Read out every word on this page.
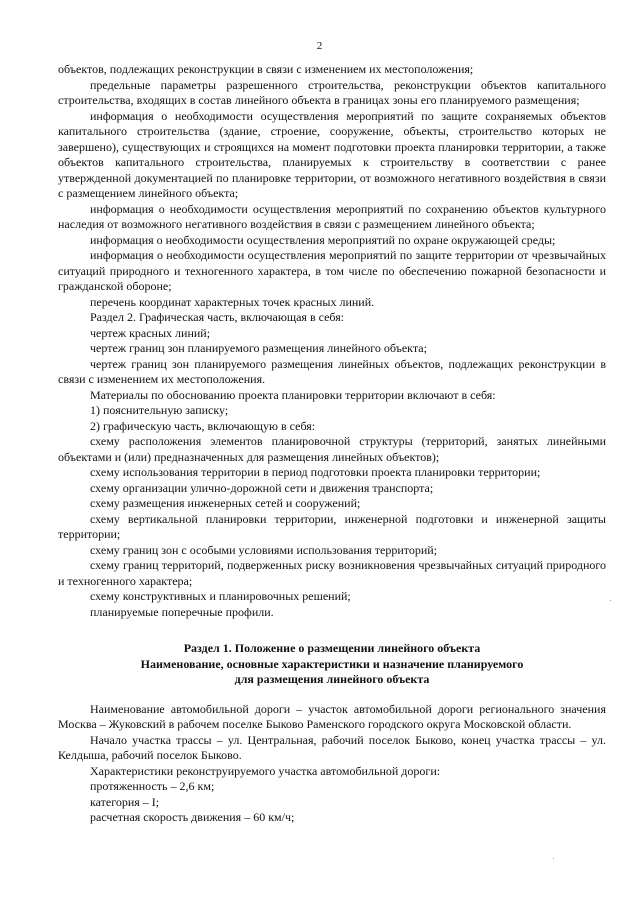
2

объектов, подлежащих реконструкции в связи с изменением их местоположения;

предельные параметры разрешенного строительства, реконструкции объектов капитального строительства, входящих в состав линейного объекта в границах зоны его планируемого размещения;

информация о необходимости осуществления мероприятий по защите сохраняемых объектов капитального строительства (здание, строение, сооружение, объекты, строительство которых не завершено), существующих и строящихся на момент подготовки проекта планировки территории, а также объектов капитального строительства, планируемых к строительству в соответствии с ранее утвержденной документацией по планировке территории, от возможного негативного воздействия в связи с размещением линейного объекта;

информация о необходимости осуществления мероприятий по сохранению объектов культурного наследия от возможного негативного воздействия в связи с размещением линейного объекта;

информация о необходимости осуществления мероприятий по охране окружающей среды;

информация о необходимости осуществления мероприятий по защите территории от чрезвычайных ситуаций природного и техногенного характера, в том числе по обеспечению пожарной безопасности и гражданской обороне;

перечень координат характерных точек красных линий.

Раздел 2. Графическая часть, включающая в себя:

чертеж красных линий;

чертеж границ зон планируемого размещения линейного объекта;

чертеж границ зон планируемого размещения линейных объектов, подлежащих реконструкции в связи с изменением их местоположения.

Материалы по обоснованию проекта планировки территории включают в себя:

1) пояснительную записку;

2) графическую часть, включающую в себя:

схему расположения элементов планировочной структуры (территорий, занятых линейными объектами и (или) предназначенных для размещения линейных объектов);

схему использования территории в период подготовки проекта планировки территории;

схему организации улично-дорожной сети и движения транспорта;

схему размещения инженерных сетей и сооружений;

схему вертикальной планировки территории, инженерной подготовки и инженерной защиты территории;

схему границ зон с особыми условиями использования территорий;

схему границ территорий, подверженных риску возникновения чрезвычайных ситуаций природного и техногенного характера;

схему конструктивных и планировочных решений;

планируемые поперечные профили.

Раздел 1. Положение о размещении линейного объекта
Наименование, основные характеристики и назначение планируемого
для размещения линейного объекта

Наименование автомобильной дороги – участок автомобильной дороги регионального значения Москва – Жуковский в рабочем поселке Быково Раменского городского округа Московской области.

Начало участка трассы – ул. Центральная, рабочий поселок Быково, конец участка трассы – ул. Келдыша, рабочий поселок Быково.

Характеристики реконструируемого участка автомобильной дороги:

протяженность – 2,6 км;

категория – I;

расчетная скорость движения – 60 км/ч;
